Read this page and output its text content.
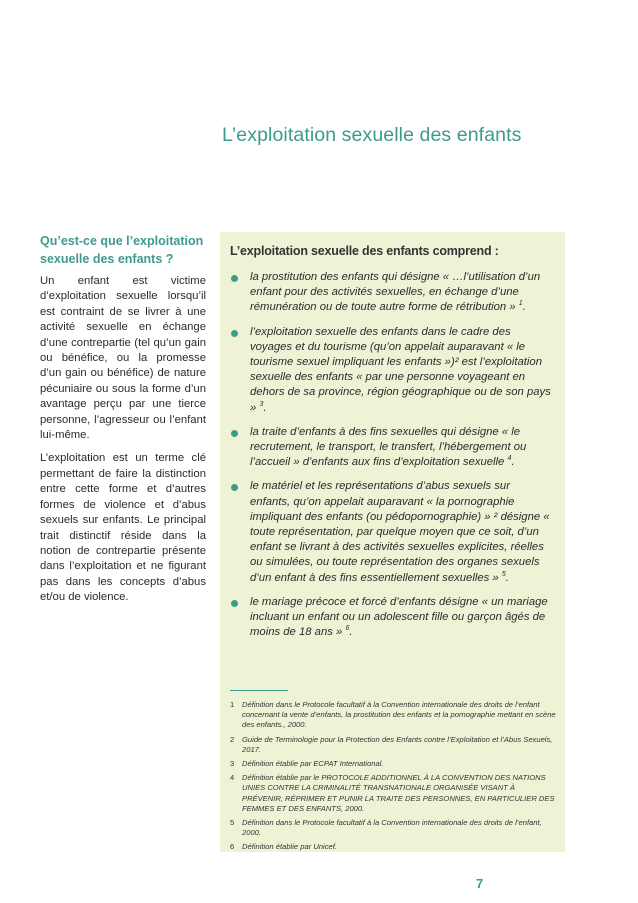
L’exploitation sexuelle des enfants
Qu’est-ce que l’exploitation sexuelle des enfants ?

Un enfant est victime d’exploitation sexuelle lorsqu’il est contraint de se livrer à une activité sexuelle en échange d’une contrepartie (tel qu’un gain ou bénéfice, ou la promesse d’un gain ou bénéfice) de nature pécuniaire ou sous la forme d’un avantage perçu par une tierce personne, l’agresseur ou l’enfant lui-même.

L’exploitation est un terme clé permettant de faire la distinction entre cette forme et d’autres formes de violence et d’abus sexuels sur enfants. Le principal trait distinctif réside dans la notion de contrepartie présente dans l’exploitation et ne figurant pas dans les concepts d’abus et/ou de violence.

L’exploitation sexuelle des enfants comprend :
la prostitution des enfants qui désigne « …l’utilisation d’un enfant pour des activités sexuelles, en échange d’une rémunération ou de toute autre forme de rétribution » $^1$.
l’exploitation sexuelle des enfants dans le cadre des voyages et du tourisme (qu’on appelait auparavant « le tourisme sexuel impliquant les enfants »)² est l’exploitation sexuelle des enfants « par une personne voyageant en dehors de sa province, région géographique ou de son pays » $^3$.
la traite d’enfants à des fins sexuelles qui désigne « le recrutement, le transport, le transfert, l’hébergement ou l’accueil » d’enfants aux fins d’exploitation sexuelle $^4$.
le matériel et les représentations d’abus sexuels sur enfants, qu’on appelait auparavant « la pornographie impliquant des enfants (ou pédopornographie) » ² désigne « toute représentation, par quelque moyen que ce soit, d’un enfant se livrant à des activités sexuelles explicites, réelles ou simulées, ou toute représentation des organes sexuels d’un enfant à des fins essentiellement sexuelles » $^5$.
le mariage précoce et forcé d’enfants désigne « un mariage incluant un enfant ou un adolescent fille ou garçon âgés de moins de 18 ans » $^6$.
1 Définition dans le Protocole facultatif à la Convention internationale des droits de l’enfant concernant la vente d’enfants, la prostitution des enfants et la pornographie mettant en scène des enfants., 2000.
2 Guide de Terminologie pour la Protection des Enfants contre l’Exploitation et l’Abus Sexuels, 2017.
3 Définition établie par ECPAT International.
4 Définition établie par le PROTOCOLE ADDITIONNEL À LA CONVENTION DES NATIONS UNIES CONTRE LA CRIMINALITÉ TRANSNATIONALE ORGANISÉE VISANT À PRÉVENIR, RÉPRIMER ET PUNIR LA TRAITE DES PERSONNES, EN PARTICULIER DES FEMMES ET DES ENFANTS, 2000.
5 Définition dans le Protocole facultatif à la Convention internationale des droits de l’enfant, 2000.
6 Définition établie par Unicef.
7
